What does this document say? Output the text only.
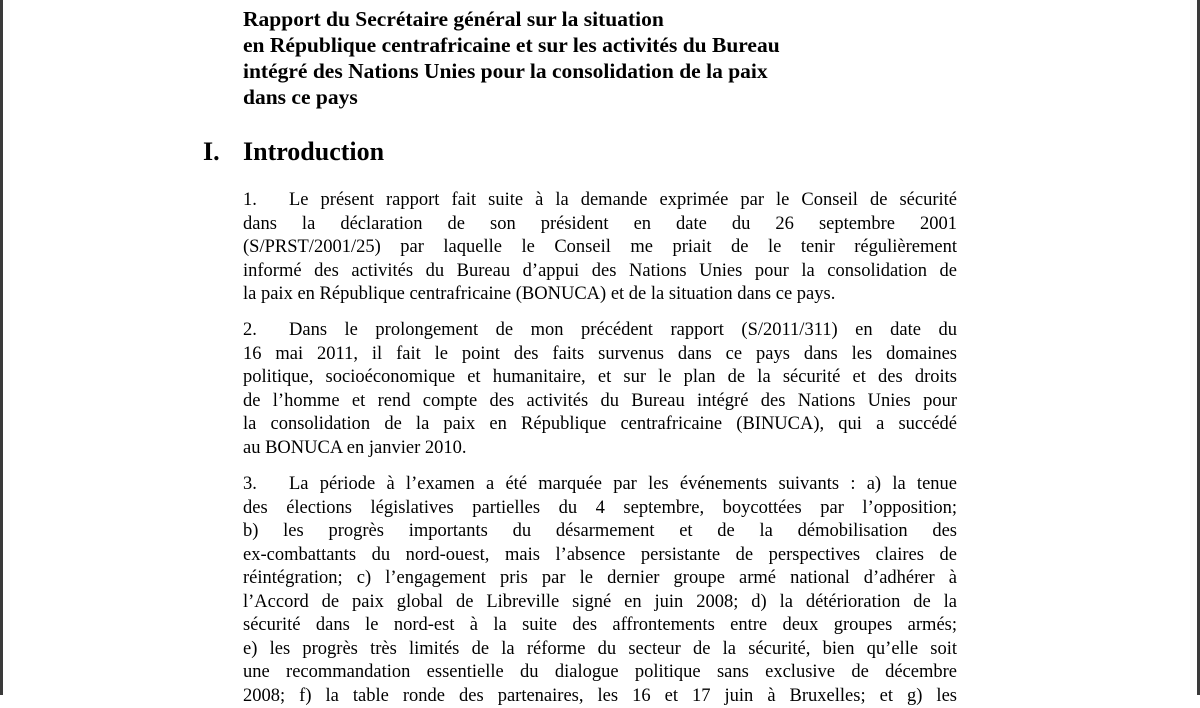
Rapport du Secrétaire général sur la situation
en République centrafricaine et sur les activités du Bureau
intégré des Nations Unies pour la consolidation de la paix
dans ce pays
I. Introduction
1. Le présent rapport fait suite à la demande exprimée par le Conseil de sécurité
dans la déclaration de son président en date du 26 septembre 2001
(S/PRST/2001/25) par laquelle le Conseil me priait de le tenir régulièrement
informé des activités du Bureau d’appui des Nations Unies pour la consolidation de
la paix en République centrafricaine (BONUCA) et de la situation dans ce pays.
2. Dans le prolongement de mon précédent rapport (S/2011/311) en date du
16 mai 2011, il fait le point des faits survenus dans ce pays dans les domaines
politique, socioéconomique et humanitaire, et sur le plan de la sécurité et des droits
de l’homme et rend compte des activités du Bureau intégré des Nations Unies pour
la consolidation de la paix en République centrafricaine (BINUCA), qui a succédé
au BONUCA en janvier 2010.
3. La période à l’examen a été marquée par les événements suivants : a) la tenue
des élections législatives partielles du 4 septembre, boycottées par l’opposition;
b) les progrès importants du désarmement et de la démobilisation des
ex-combattants du nord-ouest, mais l’absence persistante de perspectives claires de
réintégration; c) l’engagement pris par le dernier groupe armé national d’adhérer à
l’Accord de paix global de Libreville signé en juin 2008; d) la détérioration de la
sécurité dans le nord-est à la suite des affrontements entre deux groupes armés;
e) les progrès très limités de la réforme du secteur de la sécurité, bien qu’elle soit
une recommandation essentielle du dialogue politique sans exclusive de décembre
2008; f) la table ronde des partenaires, les 16 et 17 juin à Bruxelles; et g) les
